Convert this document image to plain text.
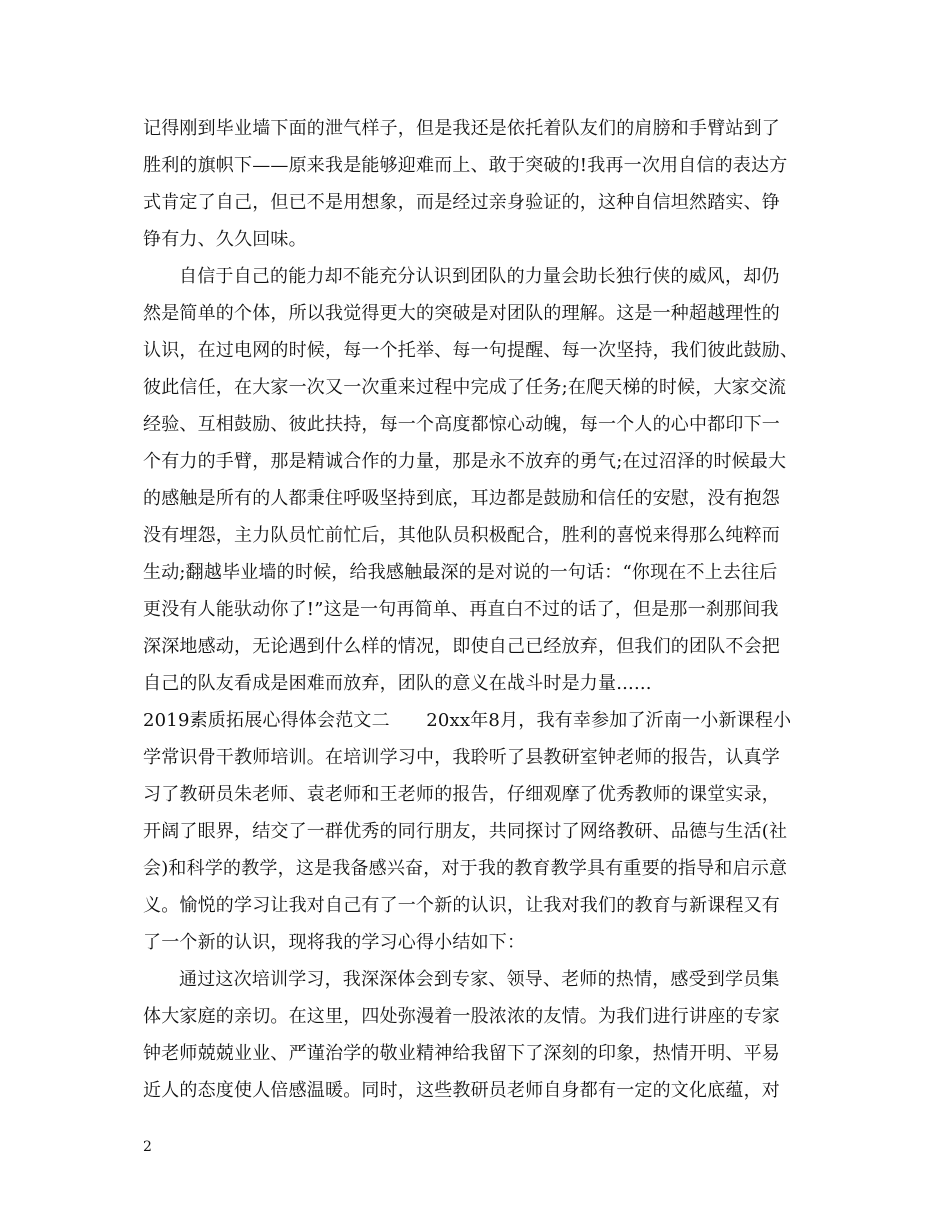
记得刚到毕业墙下面的泄气样子，但是我还是依托着队友们的肩膀和手臂站到了
胜利的旗帜下——原来我是能够迎难而上、敢于突破的!我再一次用自信的表达方
式肯定了自己，但已不是用想象，而是经过亲身验证的，这种自信坦然踏实、铮
铮有力、久久回味。
自信于自己的能力却不能充分认识到团队的力量会助长独行侠的威风，却仍
然是简单的个体，所以我觉得更大的突破是对团队的理解。这是一种超越理性的
认识，在过电网的时候，每一个托举、每一句提醒、每一次坚持，我们彼此鼓励、
彼此信任，在大家一次又一次重来过程中完成了任务;在爬天梯的时候，大家交流
经验、互相鼓励、彼此扶持，每一个高度都惊心动魄，每一个人的心中都印下一
个有力的手臂，那是精诚合作的力量，那是永不放弃的勇气;在过沼泽的时候最大
的感触是所有的人都秉住呼吸坚持到底，耳边都是鼓励和信任的安慰，没有抱怨
没有埋怨，主力队员忙前忙后，其他队员积极配合，胜利的喜悦来得那么纯粹而
生动;翻越毕业墙的时候，给我感触最深的是对说的一句话：“你现在不上去往后
更没有人能驮动你了!”这是一句再简单、再直白不过的话了，但是那一刹那间我
深深地感动，无论遇到什么样的情况，即使自己已经放弃，但我们的团队不会把
自己的队友看成是困难而放弃，团队的意义在战斗时是力量......
2019素质拓展心得体会范文二　　20xx年8月，我有幸参加了沂南一小新课程小
学常识骨干教师培训。在培训学习中，我聆听了县教研室钟老师的报告，认真学
习了教研员朱老师、袁老师和王老师的报告，仔细观摩了优秀教师的课堂实录，
开阔了眼界，结交了一群优秀的同行朋友，共同探讨了网络教研、品德与生活(社
会)和科学的教学，这是我备感兴奋，对于我的教育教学具有重要的指导和启示意
义。愉悦的学习让我对自己有了一个新的认识，让我对我们的教育与新课程又有
了一个新的认识，现将我的学习心得小结如下：
通过这次培训学习，我深深体会到专家、领导、老师的热情，感受到学员集
体大家庭的亲切。在这里，四处弥漫着一股浓浓的友情。为我们进行讲座的专家
钟老师兢兢业业、严谨治学的敬业精神给我留下了深刻的印象，热情开明、平易
近人的态度使人倍感温暖。同时，这些教研员老师自身都有一定的文化底蕴，对
2
